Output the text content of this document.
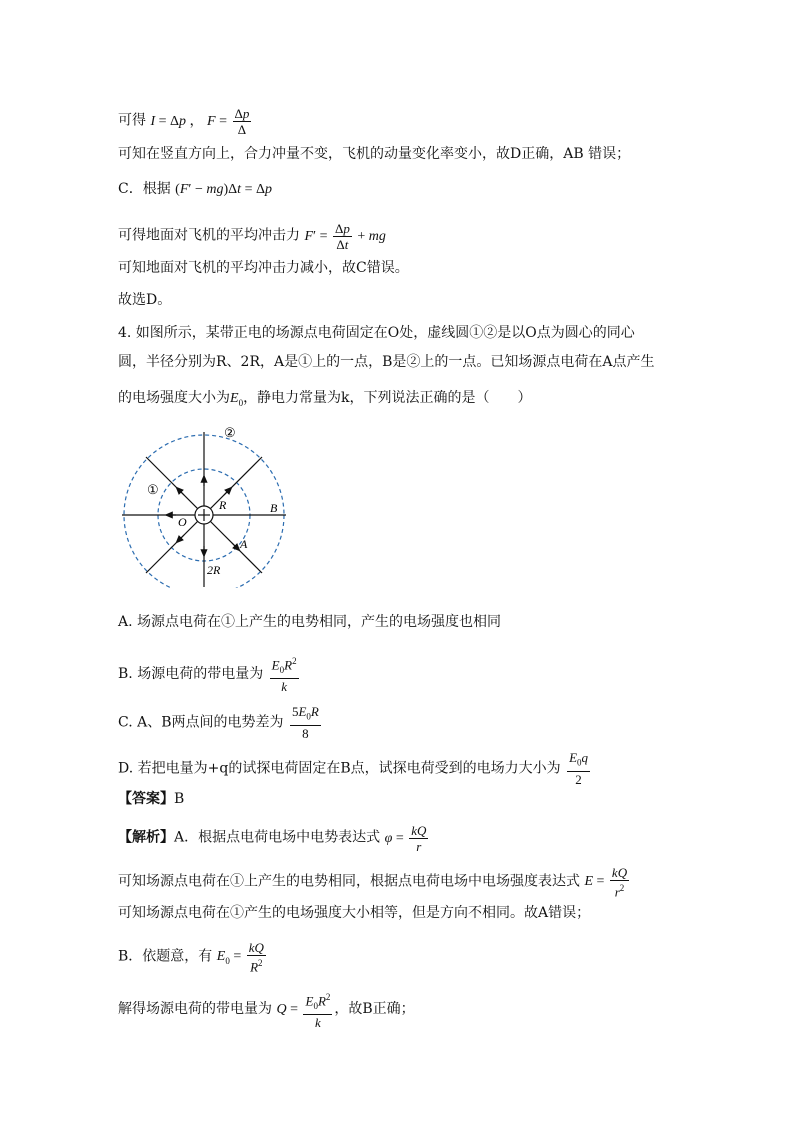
可得 I = Δp ， $F = \frac{\Delta p}{\Delta}$
可知在竖直方向上，合力冲量不变，飞机的动量变化率变小，故D正确，AB 错误；
C．根据 (F′ − mg)Δt = Δp
可得地面对飞机的平均冲击力 $F' = \frac{\Delta p}{\Delta t}$ + mg
可知地面对飞机的平均冲击力减小，故C错误。
故选D。
4. 如图所示，某带正电的场源点电荷固定在O处，虚线圆①②是以O点为圆心的同心
圆，半径分别为R、2R，A是①上的一点，B是②上的一点。已知场源点电荷在A点产生
的电场强度大小为$E_0$，静电力常量为k，下列说法正确的是（　　）
②
①
O
R	B
A
2R
A. 场源点电荷在①上产生的电势相同，产生的电场强度也相同
B. 场源电荷的带电量为 $\frac{E_0R^2}{k}$
C. A、B两点间的电势差为 $\frac{5E_0R}{8}$
D. 若把电量为+q的试探电荷固定在B点，试探电荷受到的电场力大小为 $\frac{E_0q}{2}$
【答案】B
【解析】A．根据点电荷电场中电势表达式 $\varphi = \frac{kQ}{r}$
可知场源点电荷在①上产生的电势相同，根据点电荷电场中电场强度表达式 $E = \frac{kQ}{r^2}$
可知场源点电荷在①产生的电场强度大小相等，但是方向不相同。故A错误；
B．依题意，有 $E_0 = \frac{kQ}{R^2}$
解得场源电荷的带电量为 $Q = \frac{E_0R^2}{k}$ ，故B正确；
